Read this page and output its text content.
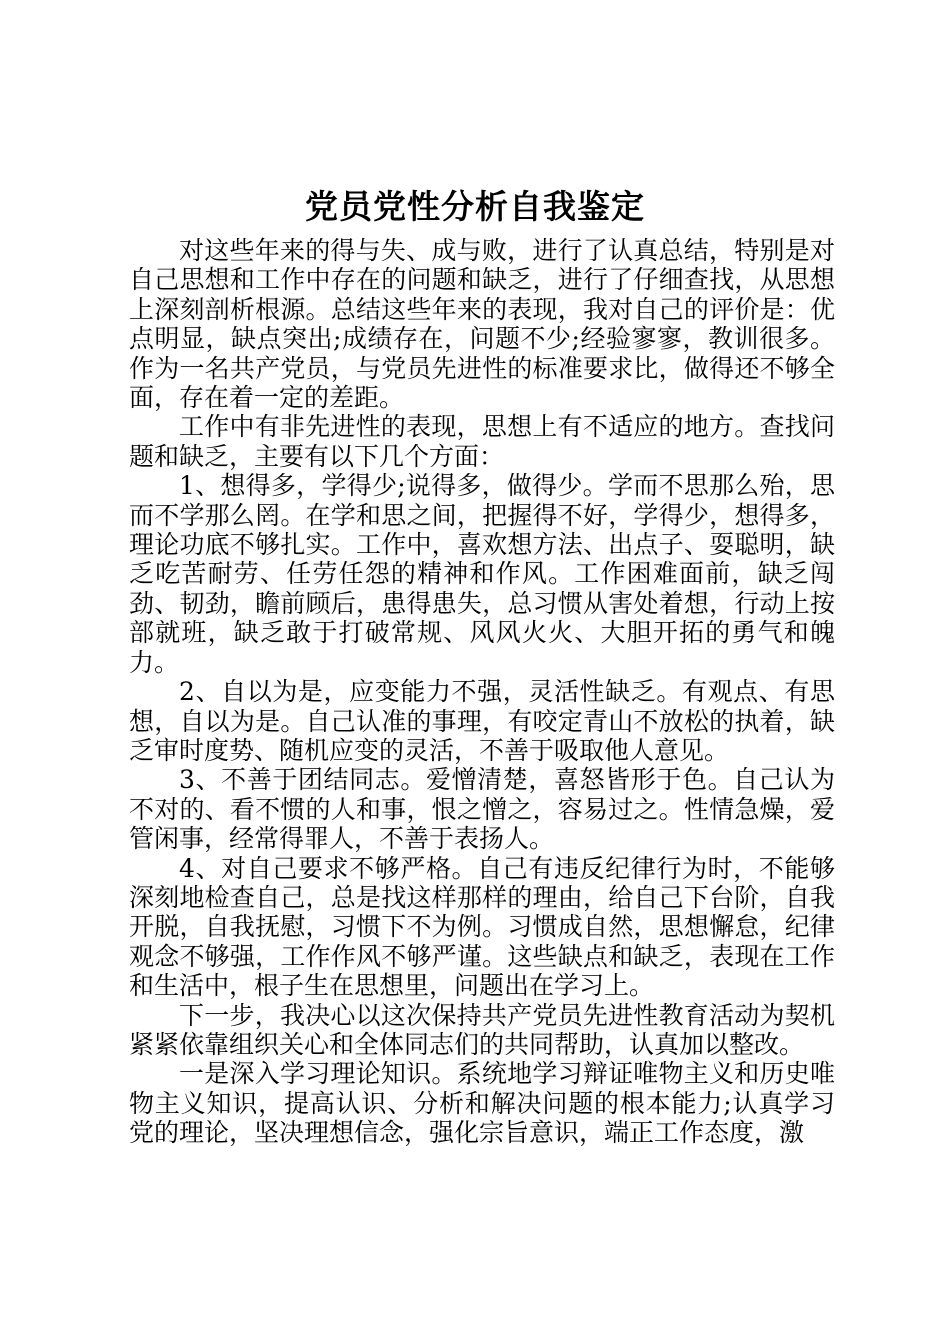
党员党性分析自我鉴定

对这些年来的得与失、成与败，进行了认真总结，特别是对自己思想和工作中存在的问题和缺乏，进行了仔细查找，从思想上深刻剖析根源。总结这些年来的表现，我对自己的评价是：优点明显，缺点突出;成绩存在，问题不少;经验寥寥，教训很多。作为一名共产党员，与党员先进性的标准要求比，做得还不够全面，存在着一定的差距。

工作中有非先进性的表现，思想上有不适应的地方。查找问题和缺乏，主要有以下几个方面：

1、想得多，学得少;说得多，做得少。学而不思那么殆，思而不学那么罔。在学和思之间，把握得不好，学得少，想得多，理论功底不够扎实。工作中，喜欢想方法、出点子、耍聪明，缺乏吃苦耐劳、任劳任怨的精神和作风。工作困难面前，缺乏闯劲、韧劲，瞻前顾后，患得患失，总习惯从害处着想，行动上按部就班，缺乏敢于打破常规、风风火火、大胆开拓的勇气和魄力。

2、自以为是，应变能力不强，灵活性缺乏。有观点、有思想，自以为是。自己认准的事理，有咬定青山不放松的执着，缺乏审时度势、随机应变的灵活，不善于吸取他人意见。

3、不善于团结同志。爱憎清楚，喜怒皆形于色。自己认为不对的、看不惯的人和事，恨之憎之，容易过之。性情急燥，爱管闲事，经常得罪人，不善于表扬人。

4、对自己要求不够严格。自己有违反纪律行为时，不能够深刻地检查自己，总是找这样那样的理由，给自己下台阶，自我开脱，自我抚慰，习惯下不为例。习惯成自然，思想懈怠，纪律观念不够强，工作作风不够严谨。这些缺点和缺乏，表现在工作和生活中，根子生在思想里，问题出在学习上。

下一步，我决心以这次保持共产党员先进性教育活动为契机紧紧依靠组织关心和全体同志们的共同帮助，认真加以整改。

一是深入学习理论知识。系统地学习辩证唯物主义和历史唯物主义知识，提高认识、分析和解决问题的根本能力;认真学习党的理论，坚决理想信念，强化宗旨意识，端正工作态度，激
